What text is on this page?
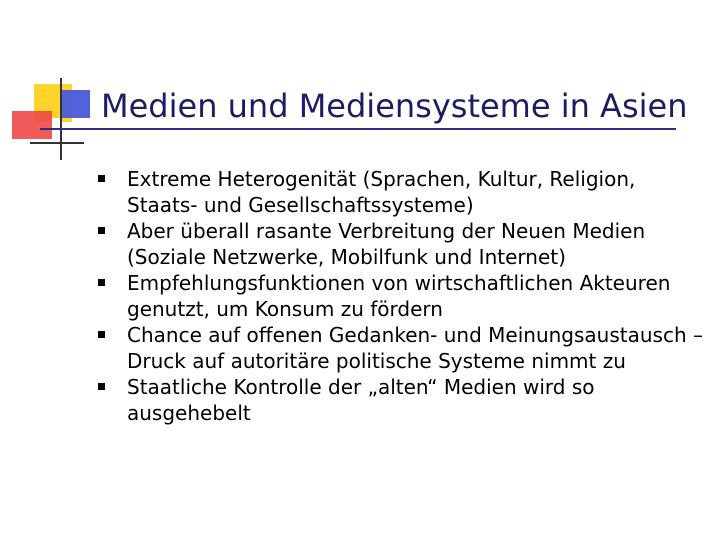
Medien und Mediensysteme in Asien

Extreme Heterogenität (Sprachen, Kultur, Religion, Staats- und Gesellschaftssysteme)

Aber überall rasante Verbreitung der Neuen Medien (Soziale Netzwerke, Mobilfunk und Internet)

Empfehlungsfunktionen von wirtschaftlichen Akteuren genutzt, um Konsum zu fördern

Chance auf offenen Gedanken- und Meinungsaustausch – Druck auf autoritäre politische Systeme nimmt zu

Staatliche Kontrolle der „alten“ Medien wird so ausgehebelt
